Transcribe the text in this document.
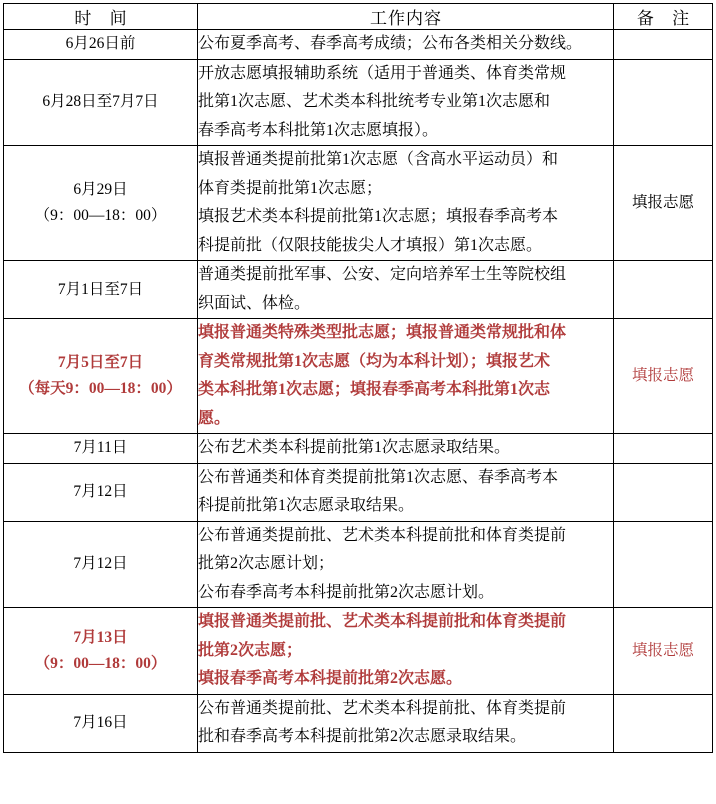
时 间	工作内容	备 注

6月26日前	公布夏季高考、春季高考成绩；公布各类相关分数线。	

6月28日至7月7日	开放志愿填报辅助系统（适用于普通类、体育类常规
批第1次志愿、艺术类本科批统考专业第1次志愿和
春季高考本科批第1次志愿填报）。	

6月29日
（9：00—18：00）	填报普通类提前批第1次志愿（含高水平运动员）和
体育类提前批第1次志愿；
填报艺术类本科提前批第1次志愿；填报春季高考本
科提前批（仅限技能拔尖人才填报）第1次志愿。	填报志愿

7月1日至7日	普通类提前批军事、公安、定向培养军士生等院校组
织面试、体检。	

7月5日至7日
（每天9：00—18：00）	填报普通类特殊类型批志愿；填报普通类常规批和体
育类常规批第1次志愿（均为本科计划）；填报艺术
类本科批第1次志愿；填报春季高考本科批第1次志
愿。	填报志愿

7月11日	公布艺术类本科提前批第1次志愿录取结果。	

7月12日	公布普通类和体育类提前批第1次志愿、春季高考本
科提前批第1次志愿录取结果。	

7月12日	公布普通类提前批、艺术类本科提前批和体育类提前
批第2次志愿计划；
公布春季高考本科提前批第2次志愿计划。	

7月13日
（9：00—18：00）	填报普通类提前批、艺术类本科提前批和体育类提前
批第2次志愿；
填报春季高考本科提前批第2次志愿。	填报志愿

7月16日	公布普通类提前批、艺术类本科提前批、体育类提前
批和春季高考本科提前批第2次志愿录取结果。	
